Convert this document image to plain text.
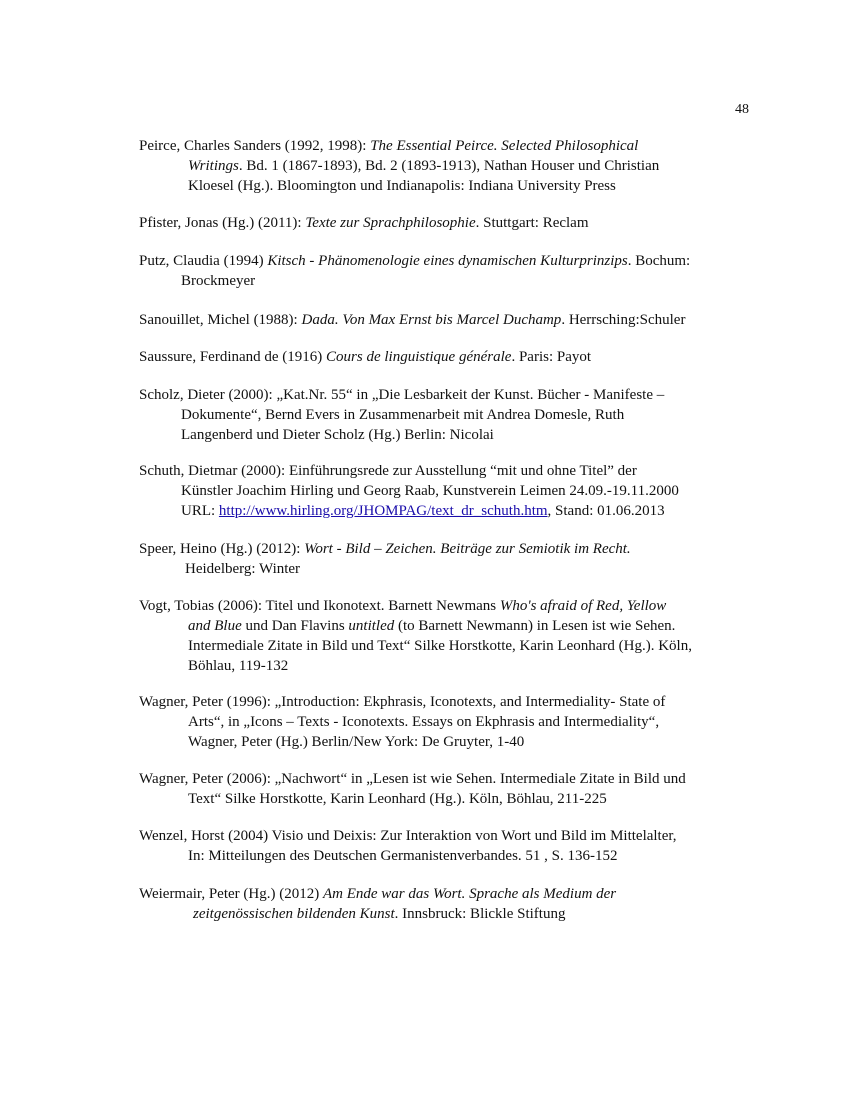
48
Peirce, Charles Sanders (1992, 1998): The Essential Peirce. Selected Philosophical
Writings. Bd. 1 (1867-1893), Bd. 2 (1893-1913), Nathan Houser und Christian
Kloesel (Hg.). Bloomington und Indianapolis: Indiana University Press
Pfister, Jonas (Hg.) (2011): Texte zur Sprachphilosophie. Stuttgart: Reclam
Putz, Claudia (1994) Kitsch - Phänomenologie eines dynamischen Kulturprinzips. Bochum:
Brockmeyer
Sanouillet, Michel (1988): Dada. Von Max Ernst bis Marcel Duchamp. Herrsching:Schuler
Saussure, Ferdinand de (1916) Cours de linguistique générale. Paris: Payot
Scholz, Dieter (2000): „Kat.Nr. 55“ in „Die Lesbarkeit der Kunst. Bücher - Manifeste –
Dokumente“, Bernd Evers in Zusammenarbeit mit Andrea Domesle, Ruth
Langenberd und Dieter Scholz (Hg.) Berlin: Nicolai
Schuth, Dietmar (2000): Einführungsrede zur Ausstellung “mit und ohne Titel” der
Künstler Joachim Hirling und Georg Raab, Kunstverein Leimen 24.09.-19.11.2000
URL: http://www.hirling.org/JHOMPAG/text_dr_schuth.htm, Stand: 01.06.2013
Speer, Heino (Hg.) (2012): Wort - Bild – Zeichen. Beiträge zur Semiotik im Recht.
Heidelberg: Winter
Vogt, Tobias (2006): Titel und Ikonotext. Barnett Newmans Who's afraid of Red, Yellow
and Blue und Dan Flavins untitled (to Barnett Newmann) in Lesen ist wie Sehen.
Intermediale Zitate in Bild und Text“ Silke Horstkotte, Karin Leonhard (Hg.). Köln,
Böhlau, 119-132
Wagner, Peter (1996): „Introduction: Ekphrasis, Iconotexts, and Intermediality- State of
Arts“, in „Icons – Texts - Iconotexts. Essays on Ekphrasis and Intermediality“,
Wagner, Peter (Hg.) Berlin/New York: De Gruyter, 1-40
Wagner, Peter (2006): „Nachwort“ in „Lesen ist wie Sehen. Intermediale Zitate in Bild und
Text“ Silke Horstkotte, Karin Leonhard (Hg.). Köln, Böhlau, 211-225
Wenzel, Horst (2004) Visio und Deixis: Zur Interaktion von Wort und Bild im Mittelalter,
In: Mitteilungen des Deutschen Germanistenverbandes. 51 , S. 136-152
Weiermair, Peter (Hg.) (2012) Am Ende war das Wort. Sprache als Medium der
zeitgenössischen bildenden Kunst. Innsbruck: Blickle Stiftung
